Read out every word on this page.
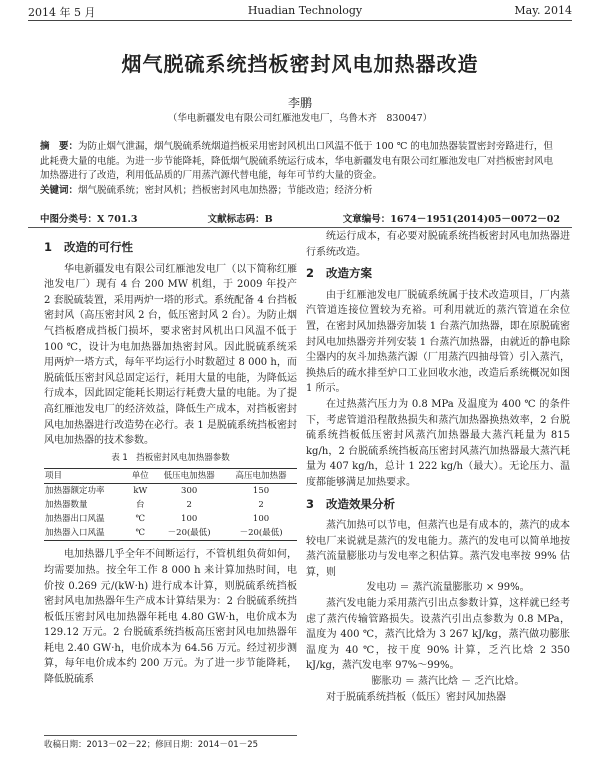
2014 年 5 月	Huadian Technology	May. 2014
烟气脱硫系统挡板密封风电加热器改造
李鹏
（华电新疆发电有限公司红雁池发电厂，乌鲁木齐　830047）
摘　要：为防止烟气泄漏，烟气脱硫系统烟道挡板采用密封风机出口风温不低于 100 ℃ 的电加热器装置密封旁路进行，但此耗费大量的电能。为进一步节能降耗，降低烟气脱硫系统运行成本，华电新疆发电有限公司红雁池发电厂对挡板密封风电加热器进行了改造，利用低品质的厂用蒸汽源代替电能，每年可节约大量的资金。
关键词：烟气脱硫系统；密封风机；挡板密封风电加热器；节能改造；经济分析
中图分类号：X 701.3	文献标志码：B	文章编号：1674－1951(2014)05－0072－02
1 改造的可行性

华电新疆发电有限公司红雁池发电厂（以下简称红雁池发电厂）现有 4 台 200 MW 机组，于 2009 年投产 2 套脱硫装置，采用两炉一塔的形式。系统配备 4 台挡板密封风（高压密封风 2 台，低压密封风 2 台）。为防止烟气挡板磨成挡板门损坏，要求密封风机出口风温不低于 100 ℃，设计为电加热器加热密封风。因此脱硫系统采用两炉一塔方式，每年平均运行小时数超过 8 000 h，而脱硫低压密封风总固定运行，耗用大量的电能，为降低运行成本，因此固定能耗长期运行耗费大量的电能。为了提高红雁池发电厂的经济效益，降低生产成本，对挡板密封风电加热器进行改造势在必行。表 1 是脱硫系统挡板密封风电加热器的技术参数。

表 1　挡板密封风电加热器参数
项目	单位	低压电加热器	高压电加热器
加热器额定功率	kW	300	150
加热器数量	台	2	2
加热器出口风温	℃	100	100
加热器入口风温	℃	－20(最低)	－20(最低)

电加热器几乎全年不间断运行，不管机组负荷如何，均需要加热。按全年工作 8 000 h 来计算加热时间，电价按 0.269 元/(kW·h) 进行成本计算，则脱硫系统挡板密封风电加热器年生产成本计算结果为：2 台脱硫系统挡板低压密封风电加热器年耗电 4.80 GW·h，电价成本为 129.12 万元。2 台脱硫系统挡板高压密封风电加热器年耗电 2.40 GW·h，电价成本为 64.56 万元。经过初步测算，每年电价成本约 200 万元。为了进一步节能降耗，降低脱硫系

统运行成本，有必要对脱硫系统挡板密封风电加热器进行系统改造。

2 改造方案

由于红雁池发电厂脱硫系统属于技术改造项目，厂内蒸汽管道连接位置较为充裕。可利用就近的蒸汽管道在余位置，在密封风加热器旁加装 1 台蒸汽加热器，即在原脱硫密封风电加热器旁并列安装 1 台蒸汽加热器，由就近的静电除尘器内的灰斗加热蒸汽源（厂用蒸汽四抽母管）引入蒸汽，换热后的疏水排至炉口工业回收水池，改造后系统概况如图 1 所示。

在过热蒸汽压力为 0.8 MPa 及温度为 400 ℃ 的条件下，考虑管道沿程散热损失和蒸汽加热器换热效率，2 台脱硫系统挡板低压密封风蒸汽加热器最大蒸汽耗量为 815 kg/h，2 台脱硫系统挡板高压密封风蒸汽加热器最大蒸汽耗量为 407 kg/h，总计 1 222 kg/h（最大）。无论压力、温度都能够满足加热要求。

3 改造效果分析

蒸汽加热可以节电，但蒸汽也是有成本的，蒸汽的成本较电厂来说就是蒸汽的发电能力。蒸汽的发电可以简单地按蒸汽流量膨胀功与发电率之积估算。蒸汽发电率按 99% 估算，则

发电功 ＝ 蒸汽流量膨胀功 × 99%。

蒸汽发电能力采用蒸汽引出点参数计算，这样就已经考虑了蒸汽传输管路损失。设蒸汽引出点参数为 0.8 MPa，温度为 400 ℃，蒸汽比焓为 3 267 kJ/kg，蒸汽做功膨胀温度为 40 ℃，按干度 90% 计算，乏汽比焓 2 350 kJ/kg，蒸汽发电率 97%～99%。

膨胀功 ＝ 蒸汽比焓 － 乏汽比焓。

对于脱硫系统挡板（低压）密封风加热器

收稿日期：2013－02－22；修回日期：2014－01－25
